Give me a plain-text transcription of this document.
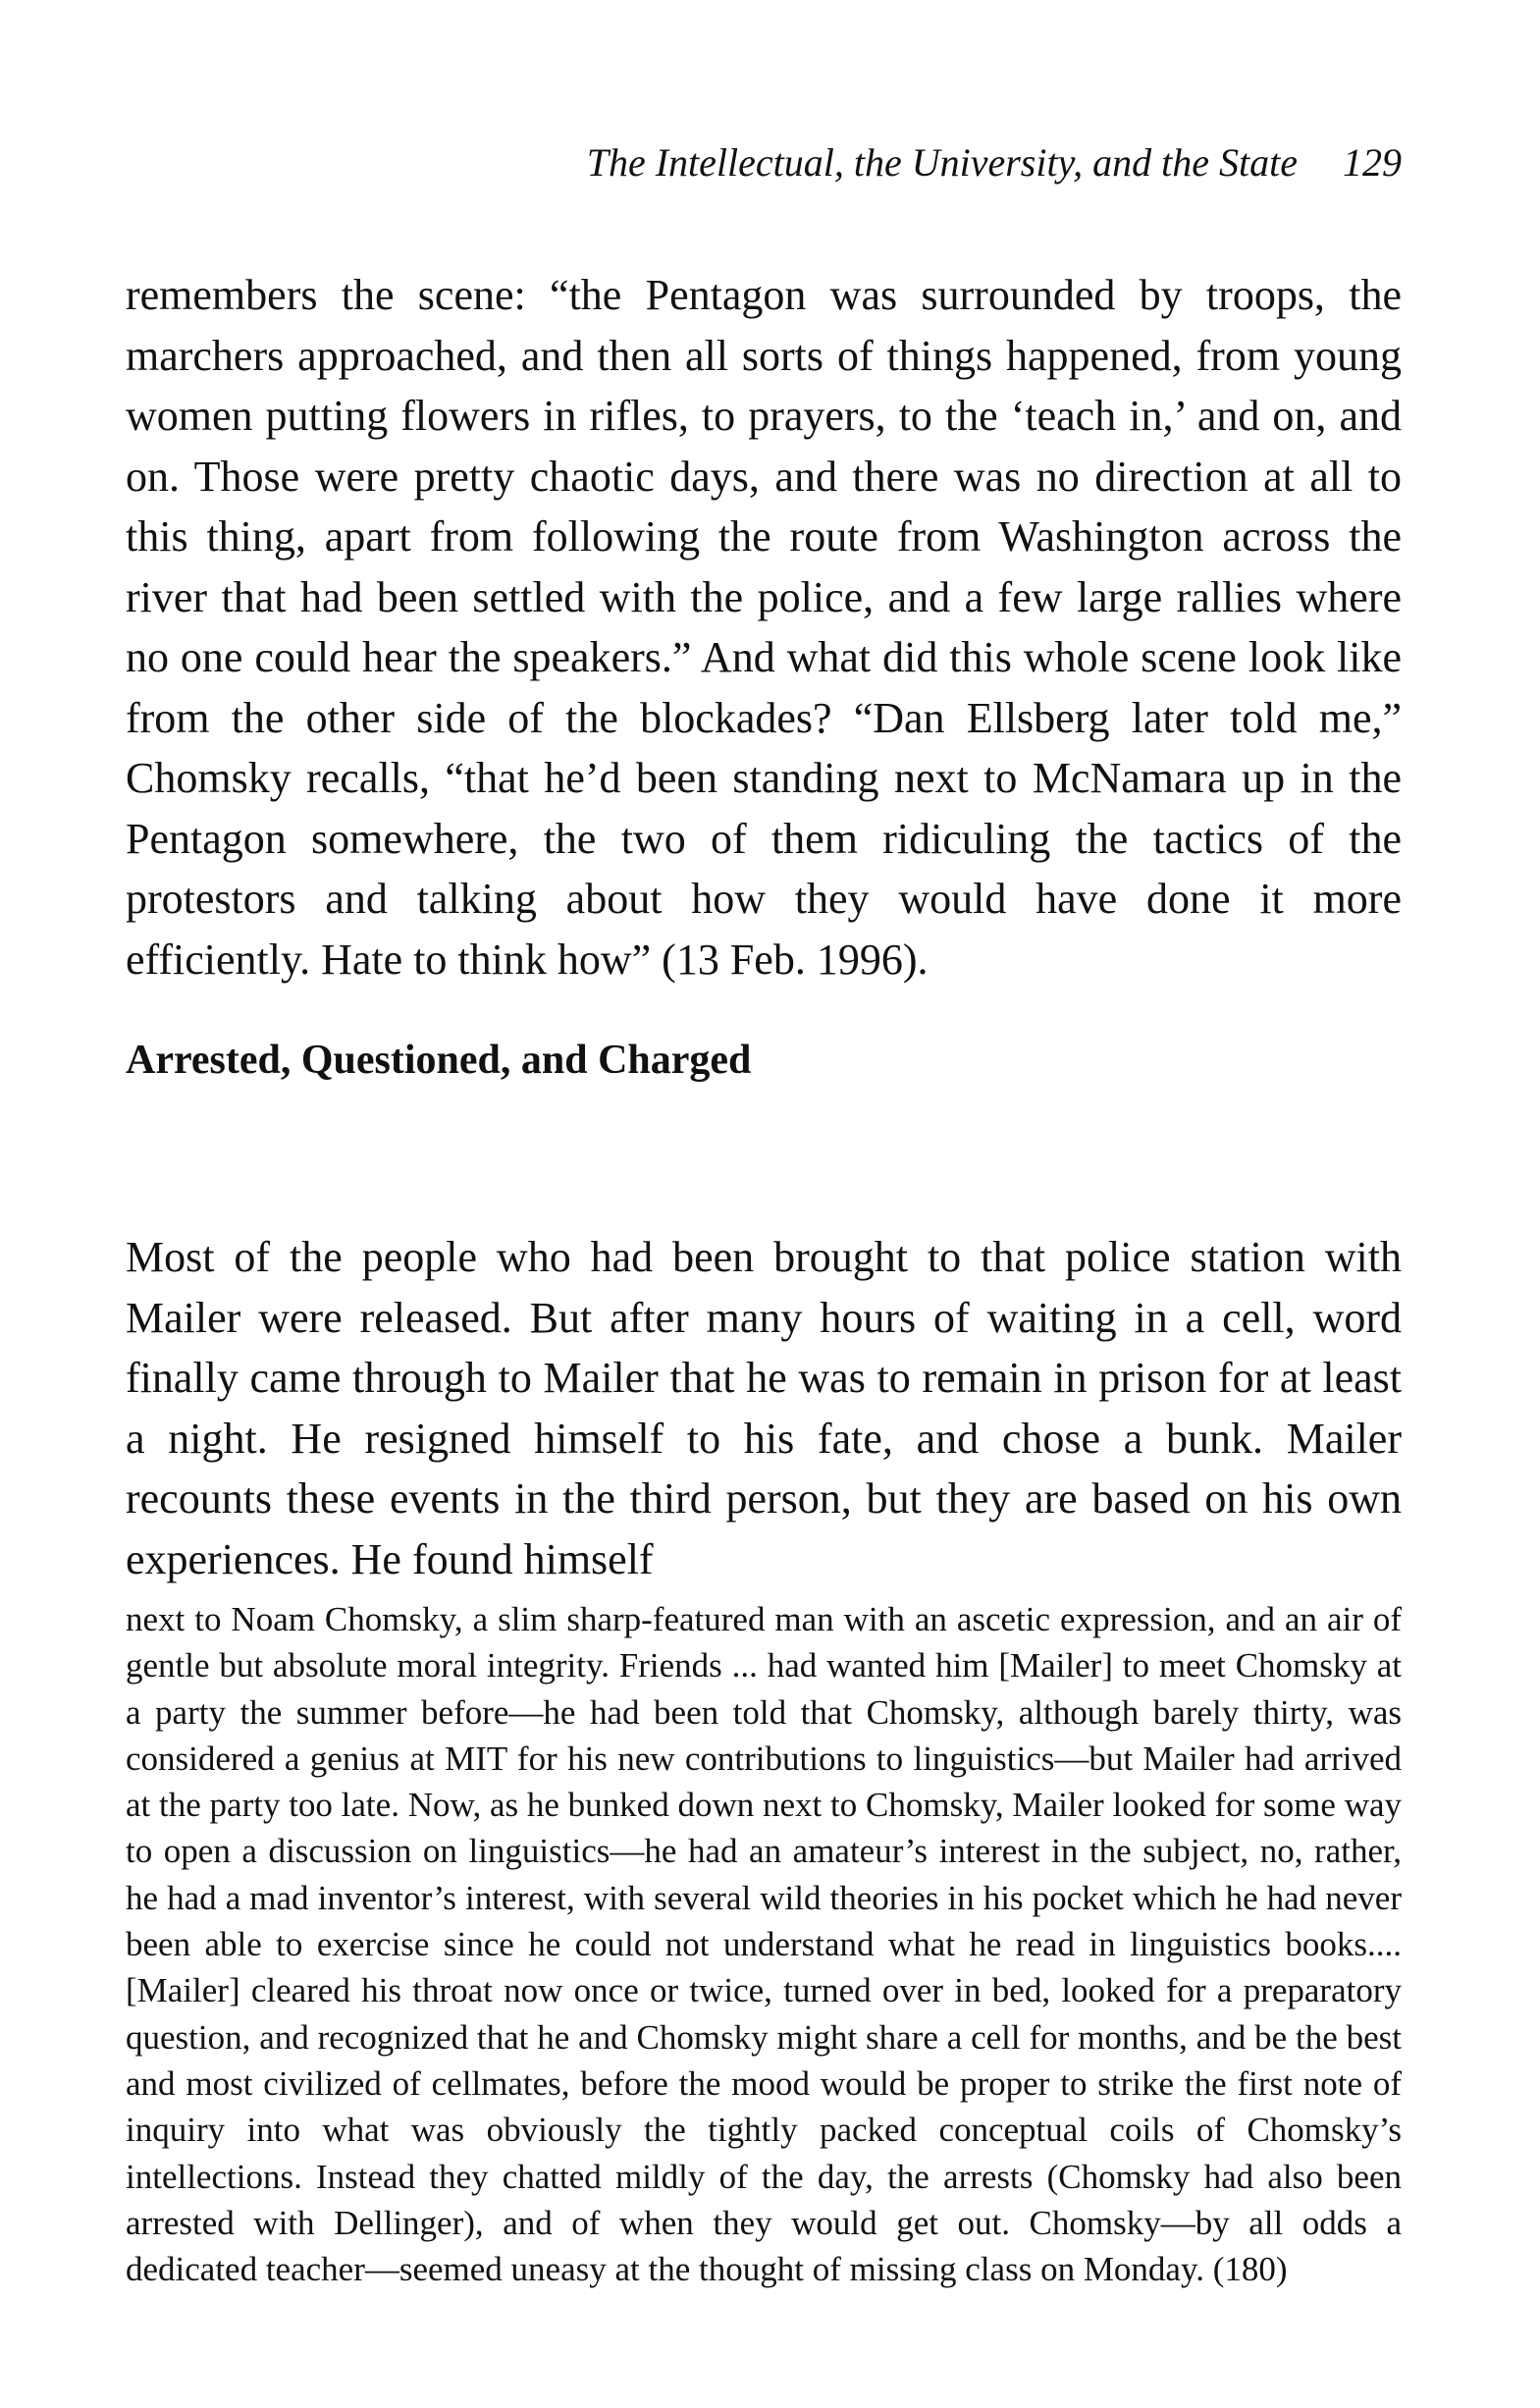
The Intellectual, the University, and the State 129

remembers the scene: “the Pentagon was surrounded by troops, the marchers approached, and then all sorts of things happened, from young women putting flowers in rifles, to prayers, to the ‘teach in,’ and on, and on. Those were pretty chaotic days, and there was no direction at all to this thing, apart from following the route from Washington across the river that had been settled with the police, and a few large rallies where no one could hear the speakers.” And what did this whole scene look like from the other side of the blockades? “Dan Ellsberg later told me,” Chomsky recalls, “that he’d been standing next to McNamara up in the Pentagon somewhere, the two of them ridiculing the tactics of the protestors and talking about how they would have done it more efficiently. Hate to think how” (13 Feb. 1996).

Arrested, Questioned, and Charged

Most of the people who had been brought to that police station with Mailer were released. But after many hours of waiting in a cell, word finally came through to Mailer that he was to remain in prison for at least a night. He resigned himself to his fate, and chose a bunk. Mailer recounts these events in the third person, but they are based on his own experiences. He found himself

next to Noam Chomsky, a slim sharp-featured man with an ascetic expression, and an air of gentle but absolute moral integrity. Friends ... had wanted him [Mailer] to meet Chomsky at a party the summer before—he had been told that Chomsky, although barely thirty, was considered a genius at MIT for his new contributions to linguistics—but Mailer had arrived at the party too late. Now, as he bunked down next to Chomsky, Mailer looked for some way to open a discussion on linguistics—he had an amateur’s interest in the subject, no, rather, he had a mad inventor’s interest, with several wild theories in his pocket which he had never been able to exercise since he could not understand what he read in linguistics books.... [Mailer] cleared his throat now once or twice, turned over in bed, looked for a preparatory question, and recognized that he and Chomsky might share a cell for months, and be the best and most civilized of cellmates, before the mood would be proper to strike the first note of inquiry into what was obviously the tightly packed conceptual coils of Chomsky’s intellections. Instead they chatted mildly of the day, the arrests (Chomsky had also been arrested with Dellinger), and of when they would get out. Chomsky—by all odds a dedicated teacher—seemed uneasy at the thought of missing class on Monday. (180)
